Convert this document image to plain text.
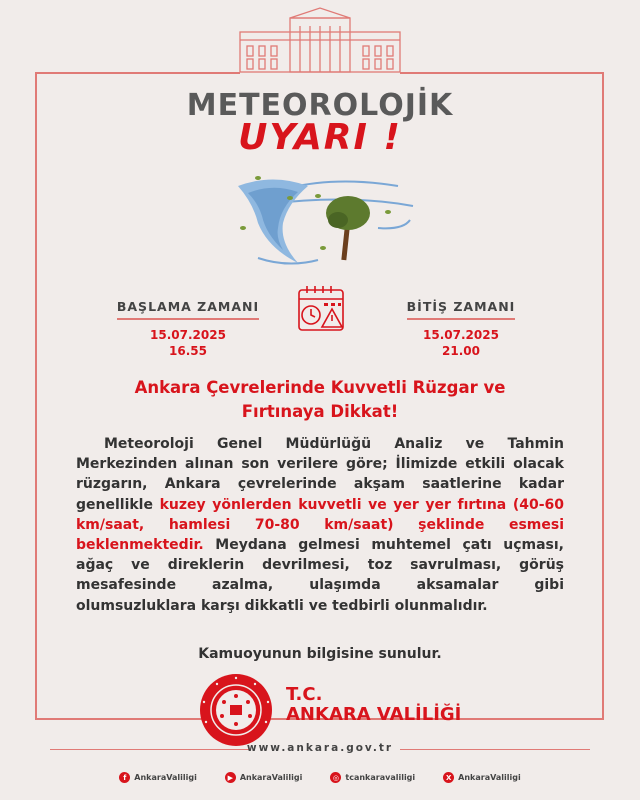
METEOROLOJİK
UYARI !
BAŞLAMA ZAMANI
15.07.2025
16.55
BİTİŞ ZAMANI
15.07.2025
21.00
Ankara Çevrelerinde Kuvvetli Rüzgar ve
Fırtınaya Dikkat!
Meteoroloji Genel Müdürlüğü Analiz ve Tahmin Merkezinden alınan son verilere göre; İlimizde etkili olacak rüzgarın, Ankara çevrelerinde akşam saatlerine kadar genellikle kuzey yönlerden kuvvetli ve yer yer fırtına (40-60 km/saat, hamlesi 70-80 km/saat) şeklinde esmesi beklenmektedir. Meydana gelmesi muhtemel çatı uçması, ağaç ve direklerin devrilmesi, toz savrulması, görüş mesafesinde azalma, ulaşımda aksamalar gibi olumsuzluklara karşı dikkatli ve tedbirli olunmalıdır.
Kamuoyunun bilgisine sunulur.
T.C.
ANKARA VALİLİĞİ
www.ankara.gov.tr
f AnkaraValiligi	▶ AnkaraValiligi	◎ tcankaravaliligi	X AnkaraValiligi
